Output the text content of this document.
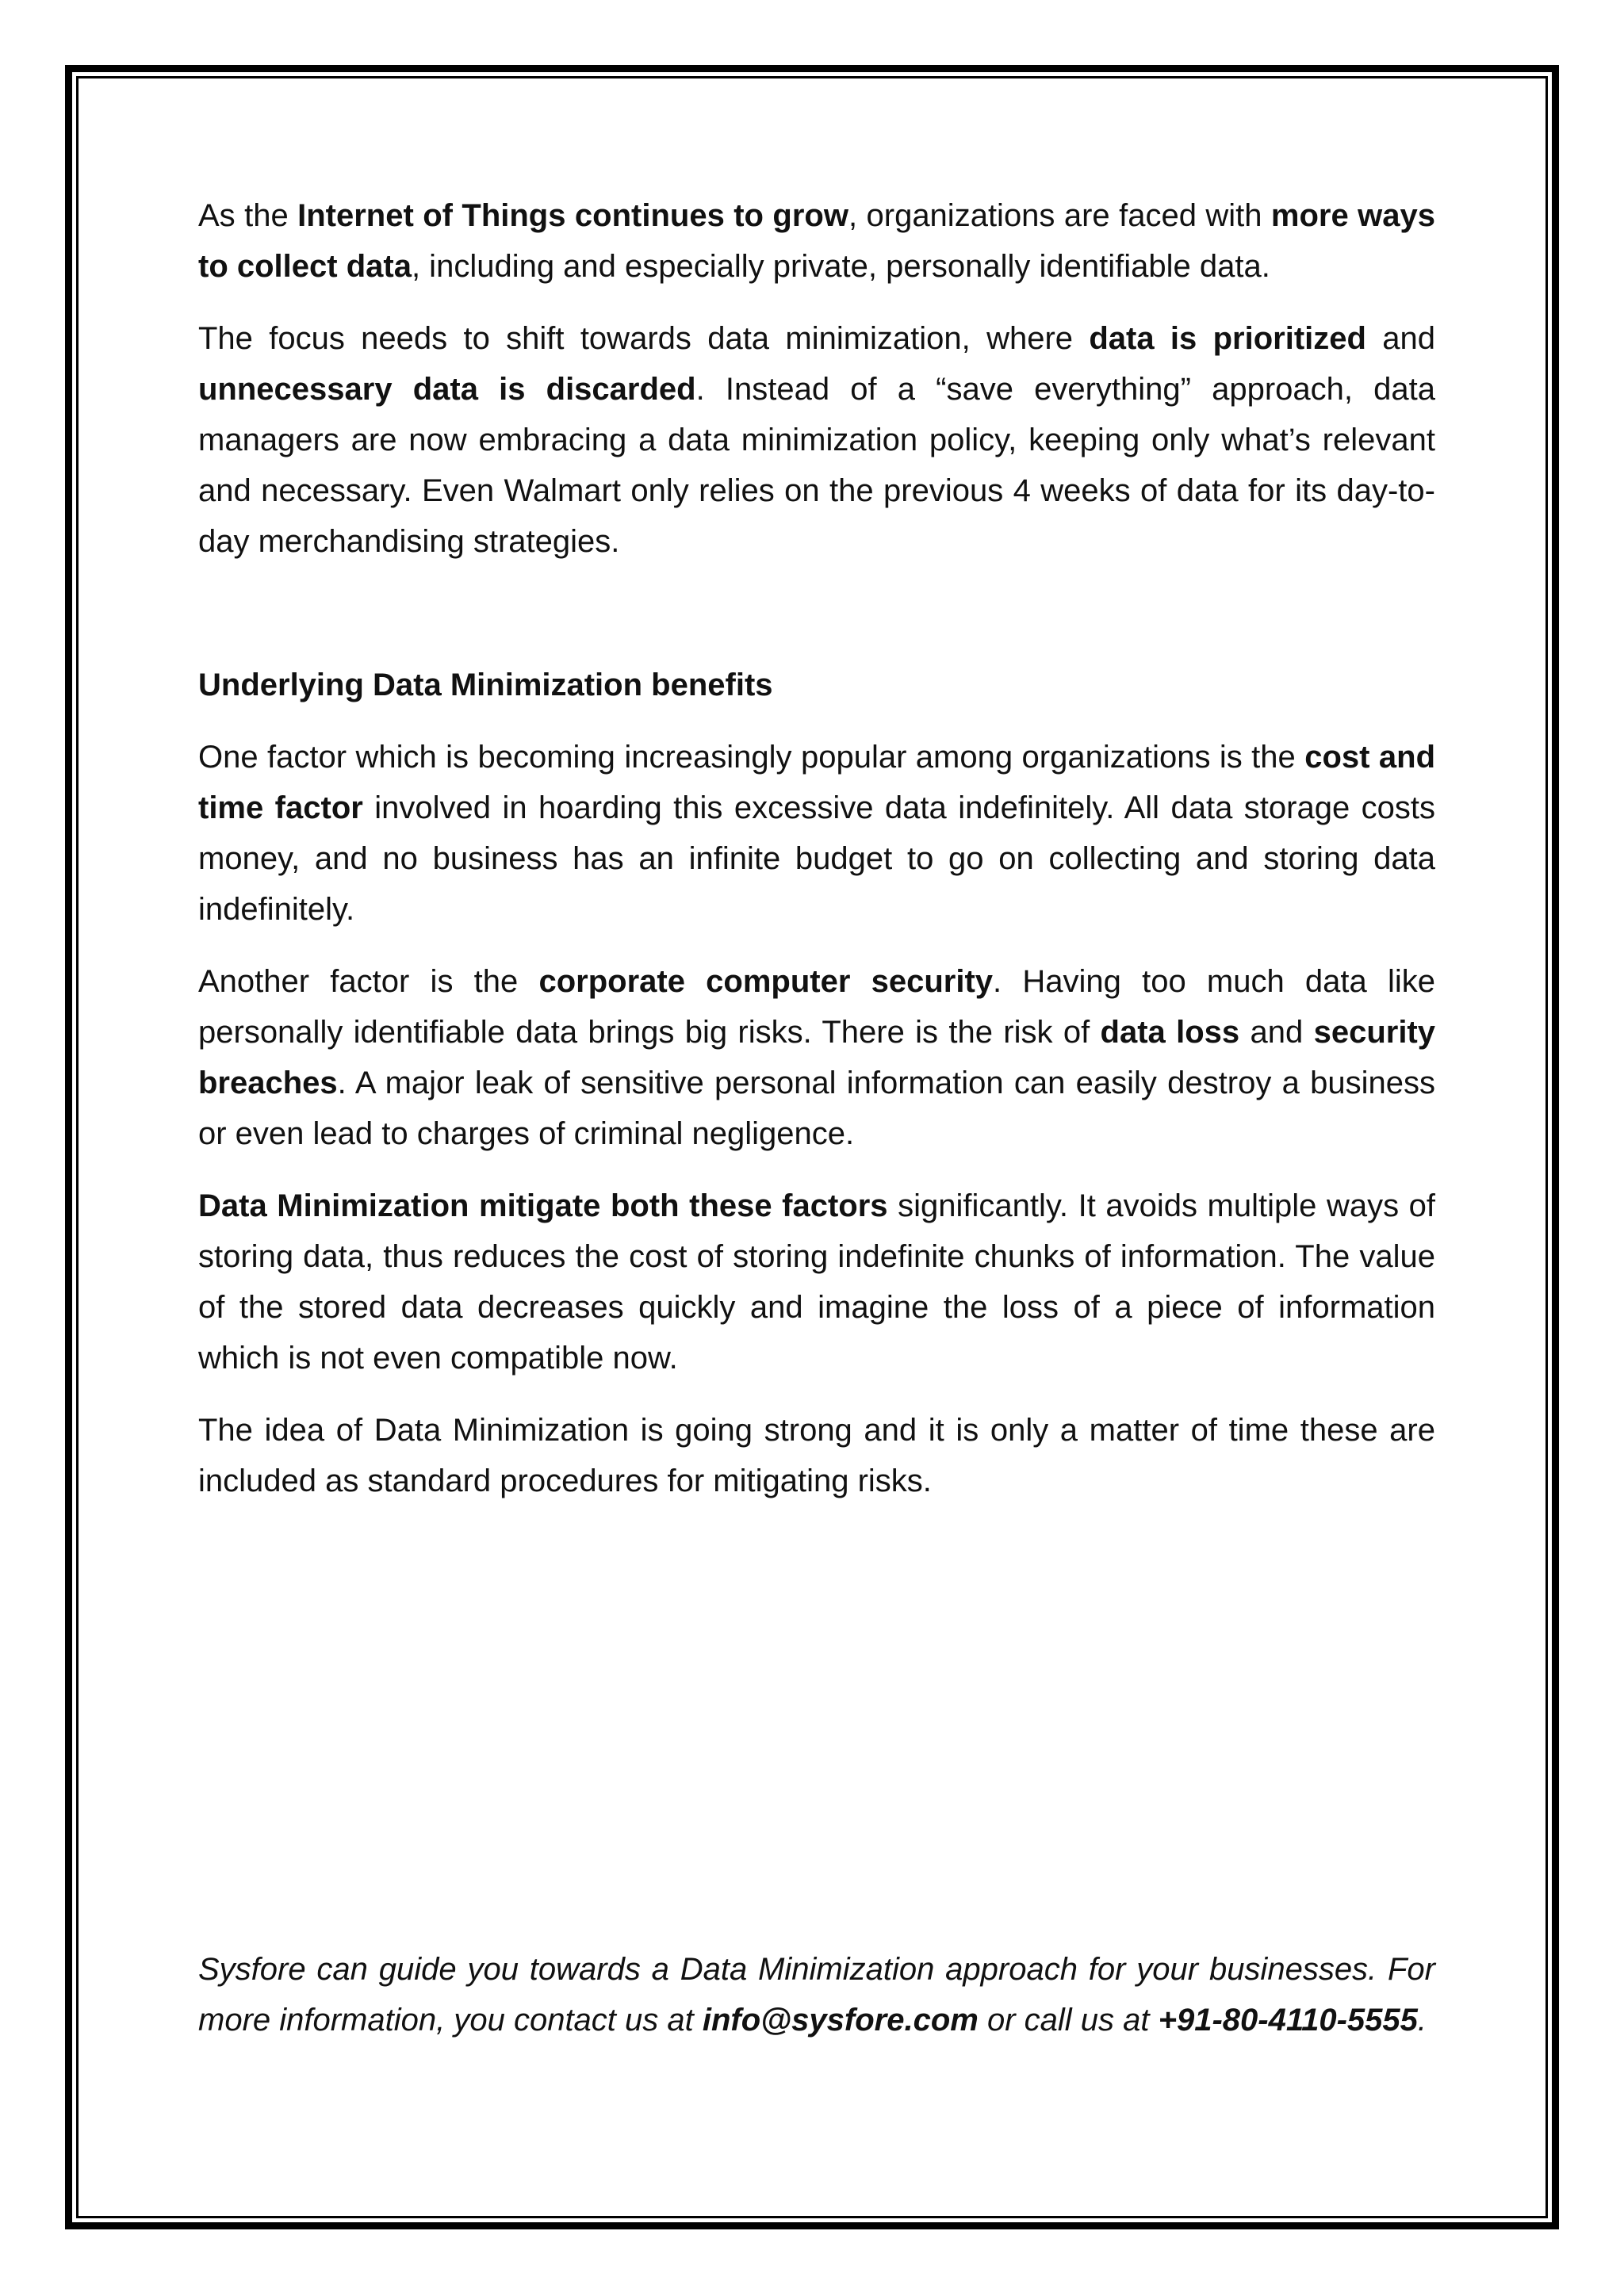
As the Internet of Things continues to grow, organizations are faced with more ways to collect data, including and especially private, personally identifiable data.

The focus needs to shift towards data minimization, where data is prioritized and unnecessary data is discarded. Instead of a “save everything” approach, data managers are now embracing a data minimization policy, keeping only what’s relevant and necessary. Even Walmart only relies on the previous 4 weeks of data for its day-to-day merchandising strategies.

Underlying Data Minimization benefits

One factor which is becoming increasingly popular among organizations is the cost and time factor involved in hoarding this excessive data indefinitely. All data storage costs money, and no business has an infinite budget to go on collecting and storing data indefinitely.

Another factor is the corporate computer security. Having too much data like personally identifiable data brings big risks. There is the risk of data loss and security breaches. A major leak of sensitive personal information can easily destroy a business or even lead to charges of criminal negligence.

Data Minimization mitigate both these factors significantly. It avoids multiple ways of storing data, thus reduces the cost of storing indefinite chunks of information. The value of the stored data decreases quickly and imagine the loss of a piece of information which is not even compatible now.

The idea of Data Minimization is going strong and it is only a matter of time these are included as standard procedures for mitigating risks.

Sysfore can guide you towards a Data Minimization approach for your businesses. For more information, you contact us at info@sysfore.com or call us at +91-80-4110-5555.
